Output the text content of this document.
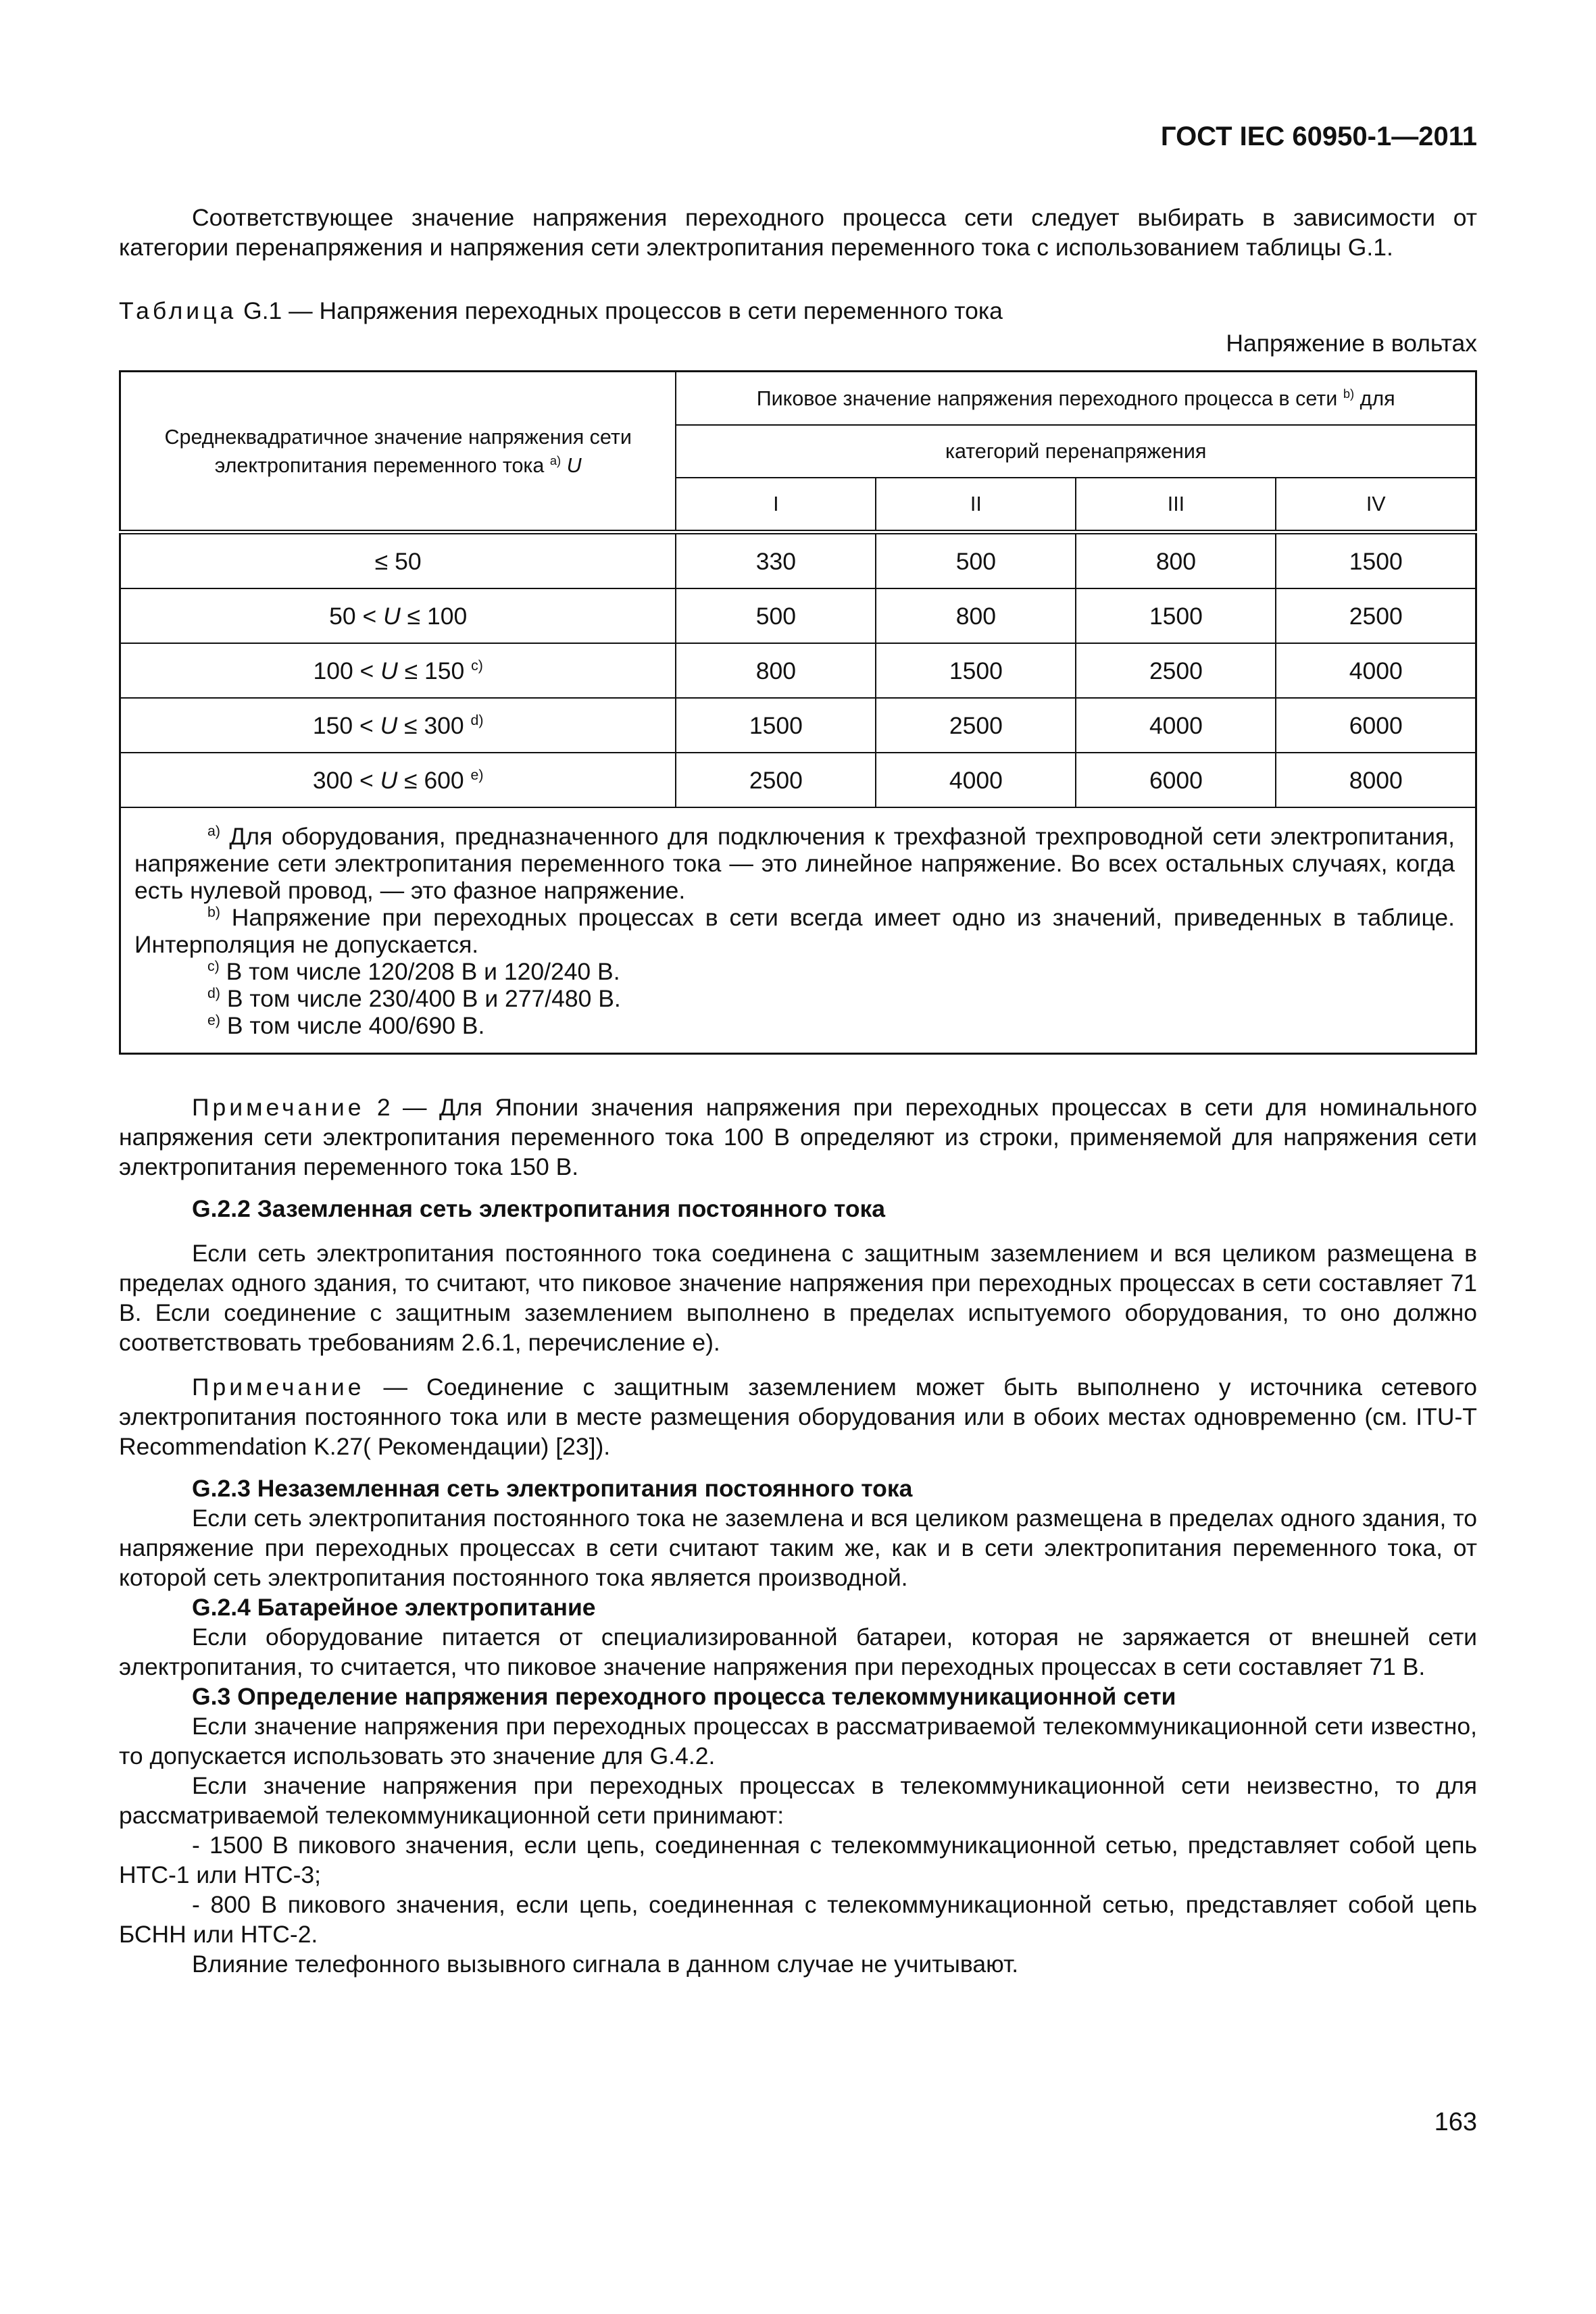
ГОСТ IEC 60950-1—2011

Соответствующее значение напряжения переходного процесса сети следует выбирать в зависимости от категории перенапряжения и напряжения сети электропитания переменного тока с использованием таблицы G.1.

Таблица G.1 — Напряжения переходных процессов в сети переменного тока
Напряжение в вольтах
Среднеквадратичное значение напряжения сети электропитания переменного тока $^{a)}$ U	Пиковое значение напряжения переходного процесса в сети $^{b)}$ для			
	категорий перенапряжения			
	I	II	III	IV
≤ 50	330	500	800	1500
50 < U ≤ 100	500	800	1500	2500
100 < U ≤ 150 $^{c)}$	800	1500	2500	4000
150 < U ≤ 300 $^{d)}$	1500	2500	4000	6000
300 < U ≤ 600 $^{e)}$	2500	4000	6000	8000

$^{a)}$ Для оборудования, предназначенного для подключения к трехфазной трехпроводной сети электропитания, напряжение сети электропитания переменного тока — это линейное напряжение. Во всех остальных случаях, когда есть нулевой провод, — это фазное напряжение.

$^{b)}$ Напряжение при переходных процессах в сети всегда имеет одно из значений, приведенных в таблице. Интерполяция не допускается.

$^{c)}$ В том числе 120/208 В и 120/240 В.

$^{d)}$ В том числе 230/400 В и 277/480 В.

$^{e)}$ В том числе 400/690 В.				

Примечание 2 — Для Японии значения напряжения при переходных процессах в сети для номинального напряжения сети электропитания переменного тока 100 В определяют из строки, применяемой для напряжения сети электропитания переменного тока 150 В.

G.2.2 Заземленная сеть электропитания постоянного тока

Если сеть электропитания постоянного тока соединена с защитным заземлением и вся целиком размещена в пределах одного здания, то считают, что пиковое значение напряжения при переходных процессах в сети составляет 71 В. Если соединение с защитным заземлением выполнено в пределах испытуемого оборудования, то оно должно соответствовать требованиям 2.6.1, перечисление е).

Примечание — Соединение с защитным заземлением может быть выполнено у источника сетевого электропитания постоянного тока или в месте размещения оборудования или в обоих местах одновременно (см. ITU-T Recommendation K.27( Рекомендации) [23]).

G.2.3 Незаземленная сеть электропитания постоянного тока

Если сеть электропитания постоянного тока не заземлена и вся целиком размещена в пределах одного здания, то напряжение при переходных процессах в сети считают таким же, как и в сети электропитания переменного тока, от которой сеть электропитания постоянного тока является производной.

G.2.4 Батарейное электропитание

Если оборудование питается от специализированной батареи, которая не заряжается от внешней сети электропитания, то считается, что пиковое значение напряжения при переходных процессах в сети составляет 71 В.

G.3 Определение напряжения переходного процесса телекоммуникационной сети

Если значение напряжения при переходных процессах в рассматриваемой телекоммуникационной сети известно, то допускается использовать это значение для G.4.2.

Если значение напряжения при переходных процессах в телекоммуникационной сети неизвестно, то для рассматриваемой телекоммуникационной сети принимают:

- 1500 В пикового значения, если цепь, соединенная с телекоммуникационной сетью, представляет собой цепь НТС-1 или НТС-3;

- 800 В пикового значения, если цепь, соединенная с телекоммуникационной сетью, представляет собой цепь БСНН или НТС-2.

Влияние телефонного вызывного сигнала в данном случае не учитывают.

163
